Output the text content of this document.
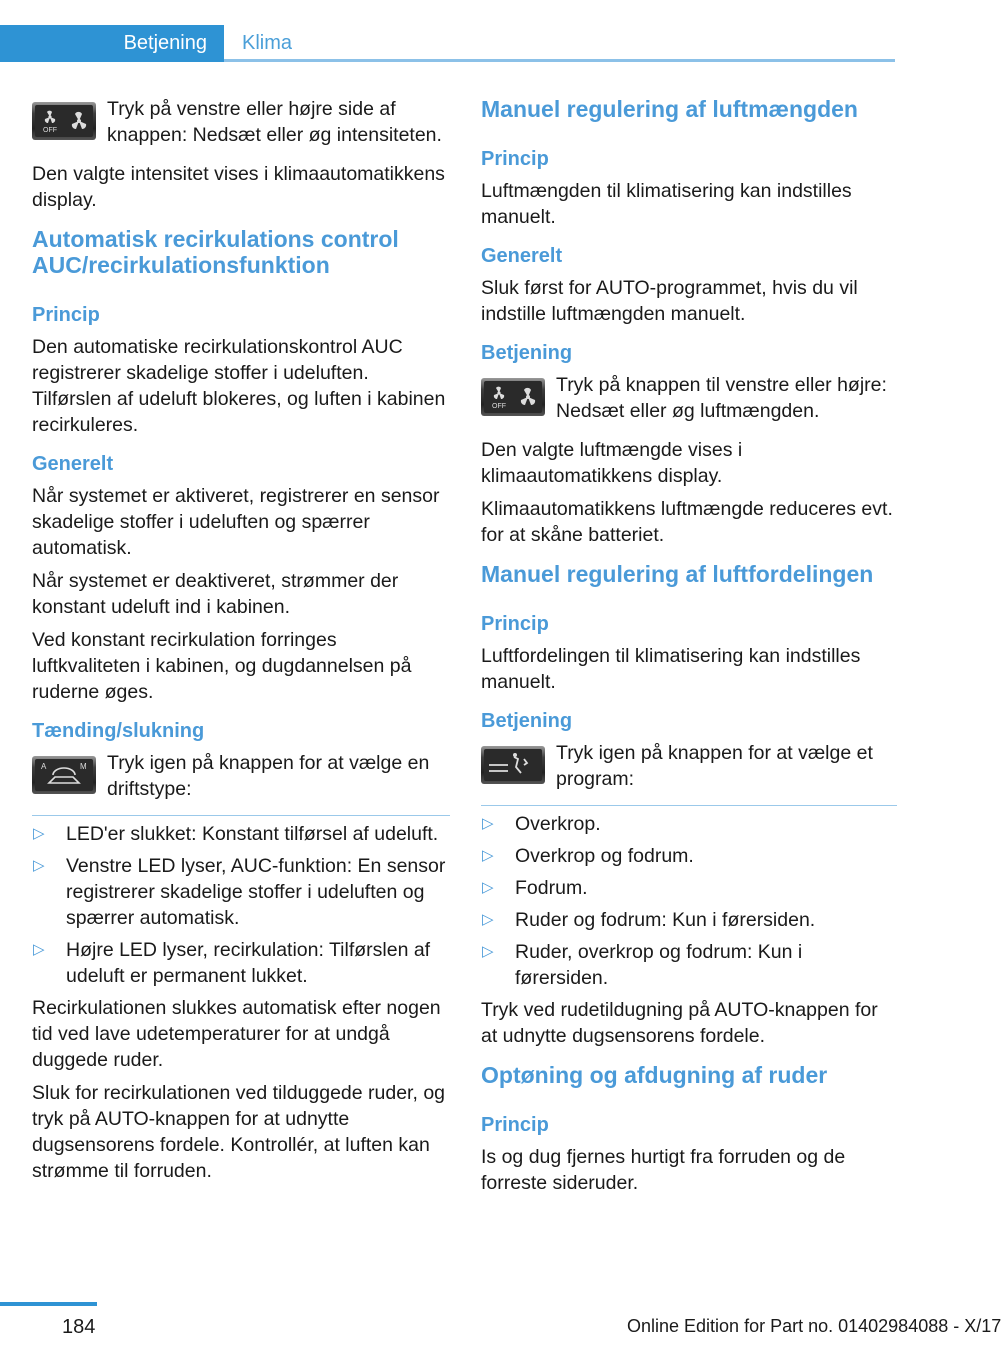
Betjening	Klima
OFF
Tryk på venstre eller højre side af knappen: Nedsæt eller øg intensiteten.

Den valgte intensitet vises i klimaautomatikkens display.

Automatisk recirkulations control AUC/recirkulationsfunktion
Princip

Den automatiske recirkulationskontrol AUC registrerer skadelige stoffer i udeluften. Tilførslen af udeluft blokeres, og luften i kabinen recirkuleres.

Generelt

Når systemet er aktiveret, registrerer en sensor skadelige stoffer i udeluften og spærrer automatisk.

Når systemet er deaktiveret, strømmer der konstant udeluft ind i kabinen.

Ved konstant recirkulation forringes luftkvaliteten i kabinen, og dugdannelsen på ruderne øges.

Tænding/slukning
A	M Tryk igen på knappen for at vælge en driftstype:
▷ LED'er slukket: Konstant tilførsel af udeluft.
▷ Venstre LED lyser, AUC-funktion: En sensor registrerer skadelige stoffer i udeluften og spærrer automatisk.
▷ Højre LED lyser, recirkulation: Tilførslen af udeluft er permanent lukket.

Recirkulationen slukkes automatisk efter nogen tid ved lave udetemperaturer for at undgå duggede ruder.

Sluk for recirkulationen ved tilduggede ruder, og tryk på AUTO-knappen for at udnytte dugsensorens fordele. Kontrollér, at luften kan strømme til forruden.

Manuel regulering af luftmængden
Princip

Luftmængden til klimatisering kan indstilles manuelt.

Generelt

Sluk først for AUTO-programmet, hvis du vil indstille luftmængden manuelt.

Betjening
OFF
Tryk på knappen til venstre eller højre: Nedsæt eller øg luftmængden.

Den valgte luftmængde vises i klimaautomatikkens display.

Klimaautomatikkens luftmængde reduceres evt. for at skåne batteriet.

Manuel regulering af luftfordelingen
Princip

Luftfordelingen til klimatisering kan indstilles manuelt.

Betjening
Tryk igen på knappen for at vælge et program:
▷ Overkrop.
▷ Overkrop og fodrum.
▷ Fodrum.
▷ Ruder og fodrum: Kun i førersiden.
▷ Ruder, overkrop og fodrum: Kun i førersiden.

Tryk ved rudetildugning på AUTO-knappen for at udnytte dugsensorens fordele.

Optøning og afdugning af ruder
Princip

Is og dug fjernes hurtigt fra forruden og de forreste sideruder.

184	Online Edition for Part no. 01402984088 - X/17
